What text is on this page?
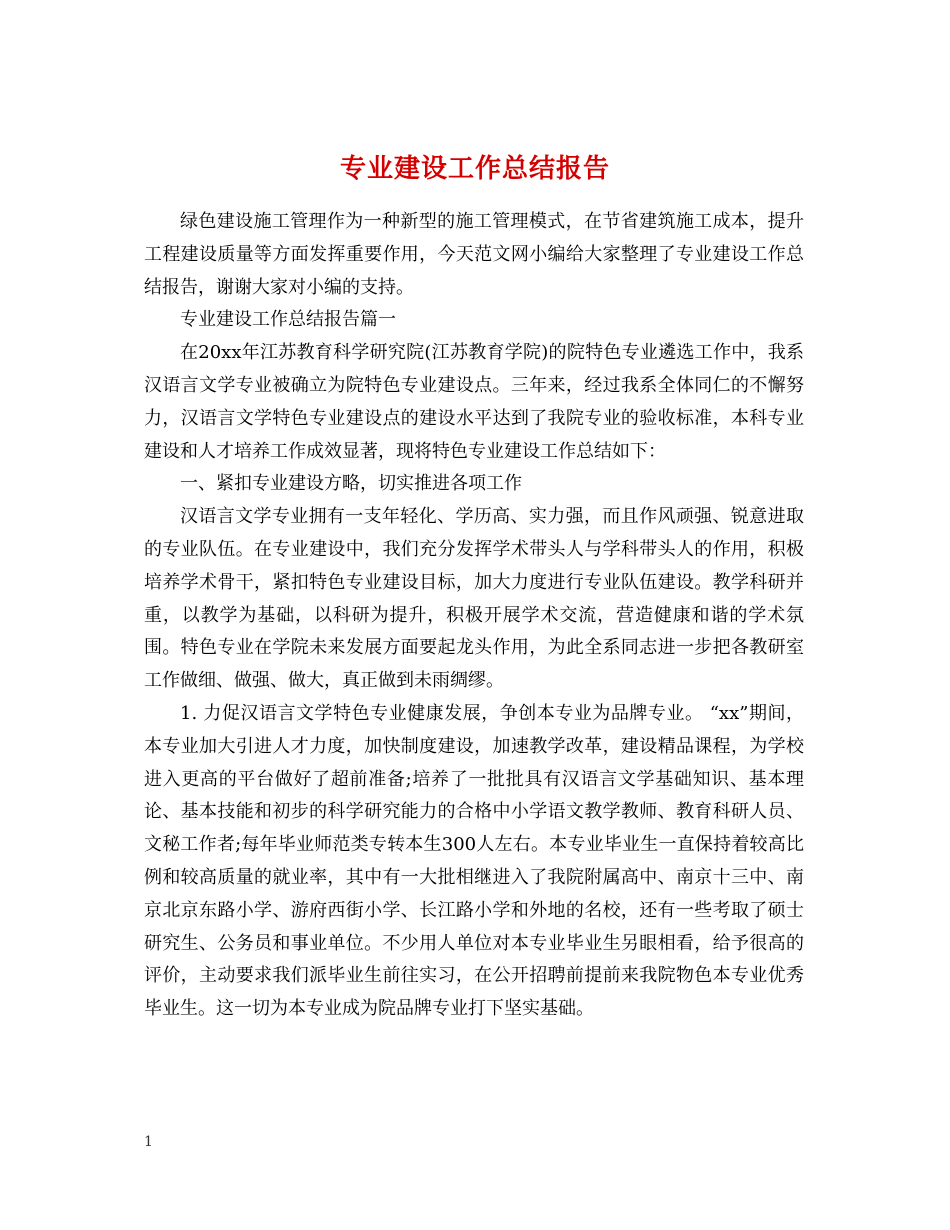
专业建设工作总结报告

绿色建设施工管理作为一种新型的施工管理模式，在节省建筑施工成本，提升工程建设质量等方面发挥重要作用，今天范文网小编给大家整理了专业建设工作总结报告，谢谢大家对小编的支持。

专业建设工作总结报告篇一

在20xx年江苏教育科学研究院(江苏教育学院)的院特色专业遴选工作中，我系汉语言文学专业被确立为院特色专业建设点。三年来，经过我系全体同仁的不懈努力，汉语言文学特色专业建设点的建设水平达到了我院专业的验收标准，本科专业建设和人才培养工作成效显著，现将特色专业建设工作总结如下：

一、紧扣专业建设方略，切实推进各项工作

汉语言文学专业拥有一支年轻化、学历高、实力强，而且作风顽强、锐意进取的专业队伍。在专业建设中，我们充分发挥学术带头人与学科带头人的作用，积极培养学术骨干，紧扣特色专业建设目标，加大力度进行专业队伍建设。教学科研并重，以教学为基础，以科研为提升，积极开展学术交流，营造健康和谐的学术氛围。特色专业在学院未来发展方面要起龙头作用，为此全系同志进一步把各教研室工作做细、做强、做大，真正做到未雨绸缪。

1. 力促汉语言文学特色专业健康发展，争创本专业为品牌专业。 “xx”期间，本专业加大引进人才力度，加快制度建设，加速教学改革，建设精品课程，为学校进入更高的平台做好了超前准备;培养了一批批具有汉语言文学基础知识、基本理论、基本技能和初步的科学研究能力的合格中小学语文教学教师、教育科研人员、文秘工作者;每年毕业师范类专转本生300人左右。本专业毕业生一直保持着较高比例和较高质量的就业率，其中有一大批相继进入了我院附属高中、南京十三中、南京北京东路小学、游府西街小学、长江路小学和外地的名校，还有一些考取了硕士研究生、公务员和事业单位。不少用人单位对本专业毕业生另眼相看，给予很高的评价，主动要求我们派毕业生前往实习，在公开招聘前提前来我院物色本专业优秀毕业生。这一切为本专业成为院品牌专业打下坚实基础。

1
